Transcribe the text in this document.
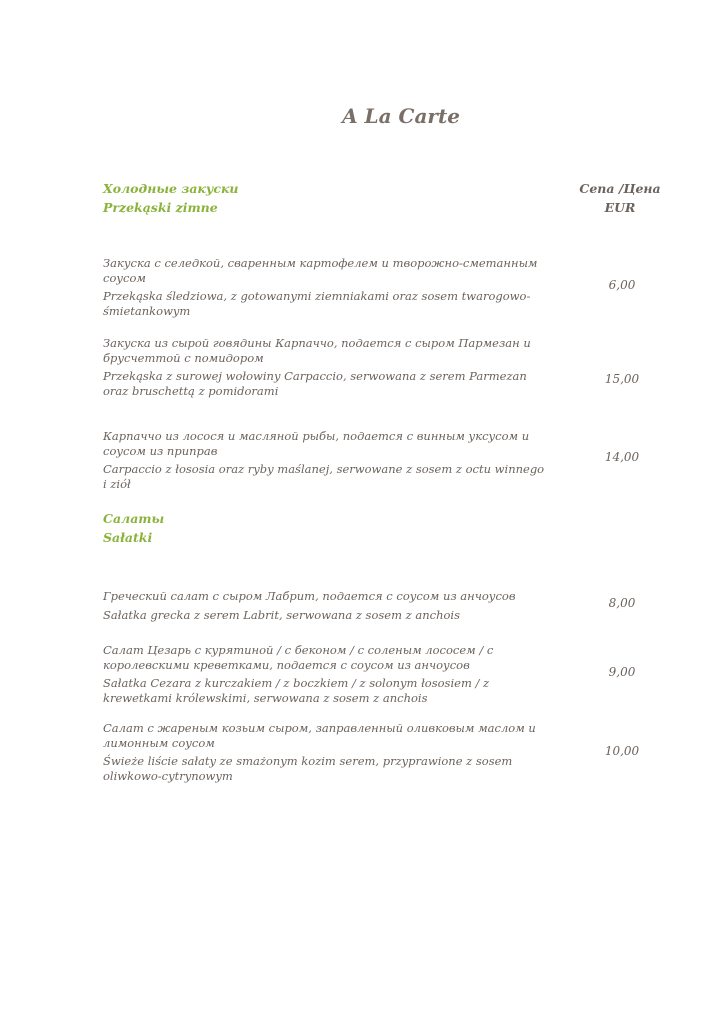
A La Carte
Холодные закуски
Przekąski zimne
Cena /Цена
EUR

Закуска с селедкой, сваренным картофелем и творожно-сметанным соусом

Przekąska śledziowa, z gotowanymi ziemniakami oraz sosem twarogowo-śmietankowym

6,00

Закуска из сырой говядины Карпаччо, подается с сыром Пармезан и брусчеттой с помидором

Przekąska z surowej wołowiny Carpaccio, serwowana z serem Parmezan oraz bruschettą z pomidorami

15,00

Карпаччо из лосося и масляной рыбы, подается с винным уксусом и соусом из приправ

Carpaccio z łososia oraz ryby maślanej, serwowane z sosem z octu winnego i ziół

14,00
Салаты
Sałatki

Греческий салат с сыром Лабрит, подается с соусом из анчоусов

Sałatka grecka z serem Labrit, serwowana z sosem z anchois

8,00

Салат Цезарь с курятиной / с беконом / с соленым лососем / с королевскими креветками, подается с соусом из анчоусов

Sałatka Cezara z kurczakiem / z boczkiem / z solonym łososiem / z krewetkami królewskimi, serwowana z sosem z anchois

9,00

Салат с жареным козьим сыром, заправленный оливковым маслом и лимонным соусом

Świeże liście sałaty ze smażonym kozim serem, przyprawione z sosem oliwkowo-cytrynowym

10,00
